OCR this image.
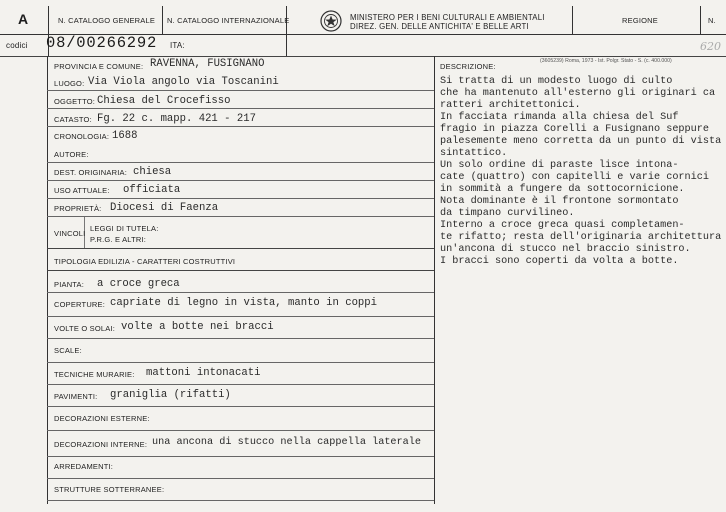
A	N. CATALOGO GENERALE N. CATALOGO INTERNAZIONALE	MINISTERO PER I BENI CULTURALI E AMBIENTALI
DIREZ. GEN. DELLE ANTICHITA' E BELLE ARTI
REGIONE	N.
codici 08/00266292 ITA:	620
PROVINCIA E COMUNE: RAVENNA, FUSIGNANO
LUOGO: Via Viola angolo via Toscanini
OGGETTO: Chiesa del Crocefisso
CATASTO: Fg. 22 c. mapp. 421 - 217
CRONOLOGIA: 1688
AUTORE:
DEST. ORIGINARIA: chiesa
USO ATTUALE: officiata
PROPRIETÀ: Diocesi di Faenza
VINCOLI
LEGGI DI TUTELA:
P.R.G. E ALTRI:
TIPOLOGIA EDILIZIA - CARATTERI COSTRUTTIVI
PIANTA: a croce greca
COPERTURE: capriate di legno in vista, manto in coppi
VOLTE O SOLAI: volte a botte nei bracci
SCALE:
TECNICHE MURARIE: mattoni intonacati
PAVIMENTI: graniglia (rifatti)
DECORAZIONI ESTERNE:
DECORAZIONI INTERNE: una ancona di stucco nella cappella laterale
ARREDAMENTI:
STRUTTURE SOTTERRANEE:
DESCRIZIONE:
(3605239) Roma, 1973 - Ist. Polgr. Stato - S. (c. 400.000)
Si tratta di un modesto luogo di culto
che ha mantenuto all'esterno gli originari ca
ratteri architettonici.
In facciata rimanda alla chiesa del Suf
fragio in piazza Corelli a Fusignano seppure
palesemente meno corretta da un punto di vista
sintattico.
Un solo ordine di paraste lisce intona-
cate (quattro) con capitelli e varie cornici
in sommità a fungere da sottocornicione.
Nota dominante è il frontone sormontato
da timpano curvilineo.
Interno a croce greca quasi completamen-
te rifatto; resta dell'originaria architettura
un'ancona di stucco nel braccio sinistro.
I bracci sono coperti da volta a botte.
